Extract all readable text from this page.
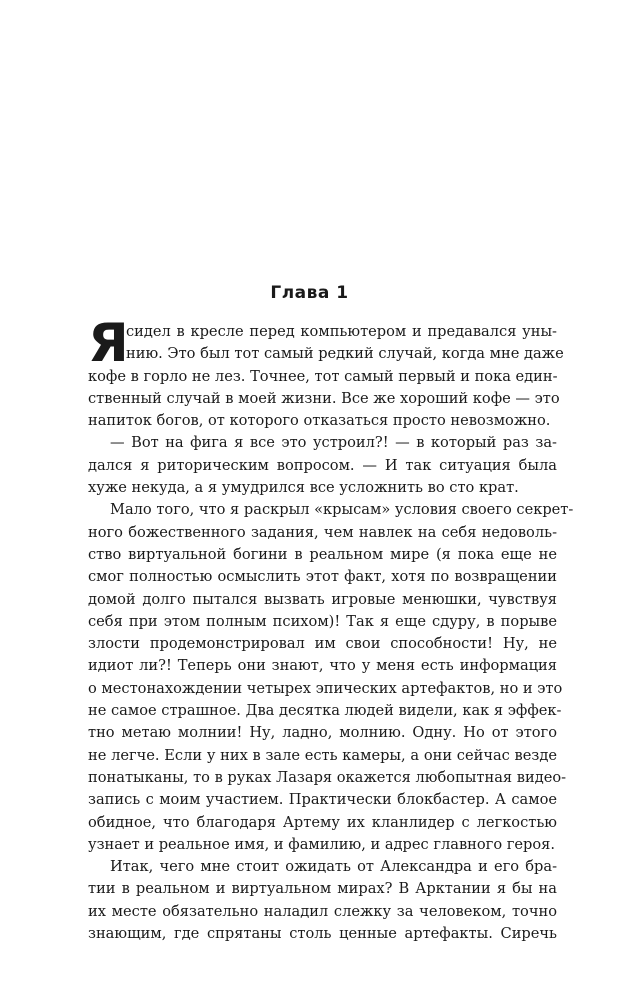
Глава 1
Я
сидел в кресле перед компьютером и предавался уны-
нию. Это был тот самый редкий случай, когда мне даже
кофе в горло не лез. Точнее, тот самый первый и пока един-
ственный случай в моей жизни. Все же хороший кофе — это
напиток богов, от которого отказаться просто невозможно.
— Вот на фига я все это устроил?! — в который раз за-
дался я риторическим вопросом. — И так ситуация была
хуже некуда, а я умудрился все усложнить во сто крат.
Мало того, что я раскрыл «крысам» условия своего секрет-
ного божественного задания, чем навлек на себя недоволь-
ство виртуальной богини в реальном мире (я пока еще не
смог полностью осмыслить этот факт, хотя по возвращении
домой долго пытался вызвать игровые менюшки, чувствуя
себя при этом полным психом)! Так я еще сдуру, в порыве
злости продемонстрировал им свои способности! Ну, не
идиот ли?! Теперь они знают, что у меня есть информация
о местонахождении четырех эпических артефактов, но и это
не самое страшное. Два десятка людей видели, как я эффек-
тно метаю молнии! Ну, ладно, молнию. Одну. Но от этого
не легче. Если у них в зале есть камеры, а они сейчас везде
понатыканы, то в руках Лазаря окажется любопытная видео-
запись с моим участием. Практически блокбастер. А самое
обидное, что благодаря Артему их кланлидер с легкостью
узнает и реальное имя, и фамилию, и адрес главного героя.
Итак, чего мне стоит ожидать от Александра и его бра-
тии в реальном и виртуальном мирах? В Арктании я бы на
их месте обязательно наладил слежку за человеком, точно
знающим, где спрятаны столь ценные артефакты. Сиречь
